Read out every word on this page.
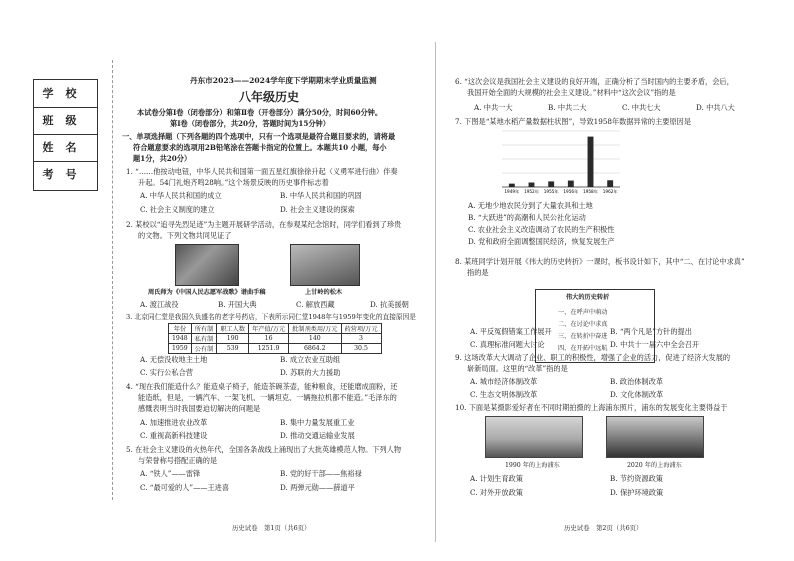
学校
班级
姓名
考号
丹东市2023——2024学年度下学期期末学业质量监测
八年级历史
本试卷分第Ⅰ卷（闭卷部分）和第Ⅱ卷（开卷部分）满分50分，时间60分钟。
第Ⅰ卷（闭卷部分，共20分，答题时间为15分钟）
一、单项选择题（下列各题的四个选项中，只有一个选项是最符合题目要求的，请将最
符合题意要求的选项用2B铅笔涂在答题卡指定的位置上。本题共10 小题，每小
题1分，共20分）
1. “……他按动电钮，中华人民共和国第一面五星红旗徐徐升起（义勇军进行曲）伴奏
升起。54门礼炮齐鸣28响。”这个场景反映的历史事件标志着
A. 中华人民共和国的成立	B. 中华人民共和国的巩固
C. 社会主义制度的建立	D. 社会主义建设的探索
2. 某校以“追寻先烈足迹”为主题开展研学活动，在参观某纪念馆时，同学们看到了珍贵
的文物。下列文物共同见证了
周氏师为《中国人民志愿军战歌》谱曲手稿	上甘岭的松木
A. 渡江战役	B. 开国大典	C. 解放西藏	D. 抗美援朝
3. 北京同仁堂是我国久负盛名的老字号药店，下表所示同仁堂1948年与1959年变化的直接原因是
年份	所有制	职工人数	年产值/万元	批制剂类用/万元	药营项/万元
1948	私有制	190	16	140	3
1959	公有制	539	1251.9	6864.2	30.5
A. 无偿没收地主土地	B. 成立农业互助组
C. 实行公私合营	D. 苏联的大力援助
4. “现在我们能造什么？能造桌子椅子，能造茶碗茶壶，能种粮食，还能磨成面粉，还
能造纸，但是，一辆汽车、一架飞机、一辆坦克、一辆拖拉机都不能造。”毛泽东的
感慨表明当时我国要迫切解决的问题是
A. 加速推进农业改革	B. 集中力量发展重工业
C. 重视高新科技建设	D. 推动交通运输业发展
5. 在社会主义建设的火热年代，全国各条战线上涌现出了大批英雄模范人物。下列人物
与荣誉称号搭配正确的是
A. “铁人”——雷锋	B. 党的好干部——焦裕禄
C. “最可爱的人”——王进喜	D. 两弹元勋——薛道平
历史试卷　第1页（共6页）
6. “这次会议是我国社会主义建设的良好开端，正确分析了当时国内的主要矛盾，会后，
我国开始全面的大规模的社会主义建设。”材料中“这次会议”指的是
A. 中共一大	B. 中共二大	C. 中共七大	D. 中共八大
7. 下图是“某地水稻产量数据柱状图”，导致1958年数据异常的主要原因是
1949年 1952年 1955年 1956年 1958年 1962年
A. 无地少地农民分到了大量农具和土地
B. “大跃进”的高潮和人民公社化运动
C. 农业社会主义改造调动了农民的生产积极性
D. 党和政府全面调整国民经济，恢复发展生产
8. 某班同学计划开展《伟大的历史转折》一课时，板书设计如下，其中“二、在讨论中求真”
指的是
伟大的历史转折
一、在呼声中萌动
二、在讨论中求真
三、在转折中奋进
四、在开拓中远航
A. 平反冤假错案工作展开	B. “两个凡是”方针的提出
C. 真理标准问题大讨论	D. 中共十一届六中全会召开
9. 这场改革大大调动了企业、职工的积极性，增强了企业的活力，促进了经济大发展的
崭新局面。这里的“改革”指的是
A. 城市经济体制改革	B. 政治体制改革
C. 生态文明体制改革	D. 文化体制改革
10. 下面是某摄影爱好者在不同时期拍摄的上海浦东照片，浦东的发展变化主要得益于
1990 年的上海浦东	2020 年的上海浦东
A. 计划生育政策	B. 节约资源政策
C. 对外开放政策	D. 保护环境政策
历史试卷　第2页（共6页）
